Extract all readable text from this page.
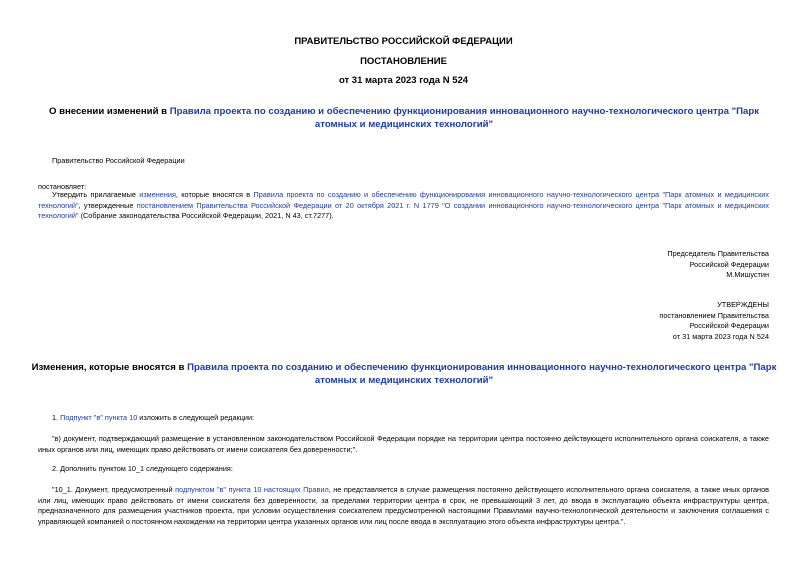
ПРАВИТЕЛЬСТВО РОССИЙСКОЙ ФЕДЕРАЦИИ
ПОСТАНОВЛЕНИЕ
от 31 марта 2023 года N 524
О внесении изменений в Правила проекта по созданию и обеспечению функционирования инновационного научно-технологического центра "Парк атомных и медицинских технологий"
Правительство Российской Федерации
постановляет:
Утвердить прилагаемые изменения, которые вносятся в Правила проекта по созданию и обеспечению функционирования инновационного научно-технологического центра "Парк атомных и медицинских технологий", утвержденные постановлением Правительства Российской Федерации от 20 октября 2021 г. N 1779 "О создании инновационного научно-технологического центра "Парк атомных и медицинских технологий" (Собрание законодательства Российской Федерации, 2021, N 43, ст.7277).
Председатель Правительства
Российской Федерации
М.Мишустин
УТВЕРЖДЕНЫ
постановлением Правительства
Российской Федерации
от 31 марта 2023 года N 524
Изменения, которые вносятся в Правила проекта по созданию и обеспечению функционирования инновационного научно-технологического центра "Парк атомных и медицинских технологий"
1. Подпункт "в" пункта 10 изложить в следующей редакции:
"в) документ, подтверждающий размещение в установленном законодательством Российской Федерации порядке на территории центра постоянно действующего исполнительного органа соискателя, а также иных органов или лиц, имеющих право действовать от имени соискателя без доверенности;".
2. Дополнить пунктом 10_1 следующего содержания:
"10_1. Документ, предусмотренный подпунктом "в" пункта 10 настоящих Правил, не представляется в случае размещения постоянно действующего исполнительного органа соискателя, а также иных органов или лиц, имеющих право действовать от имени соискателя без доверенности, за пределами территории центра в срок, не превышающий 3 лет, до ввода в эксплуатацию объекта инфраструктуры центра, предназначенного для размещения участников проекта, при условии осуществления соискателем предусмотренной настоящими Правилами научно-технологической деятельности и заключения соглашения с управляющей компанией о постоянном нахождении на территории центра указанных органов или лиц после ввода в эксплуатацию этого объекта инфраструктуры центра.".
